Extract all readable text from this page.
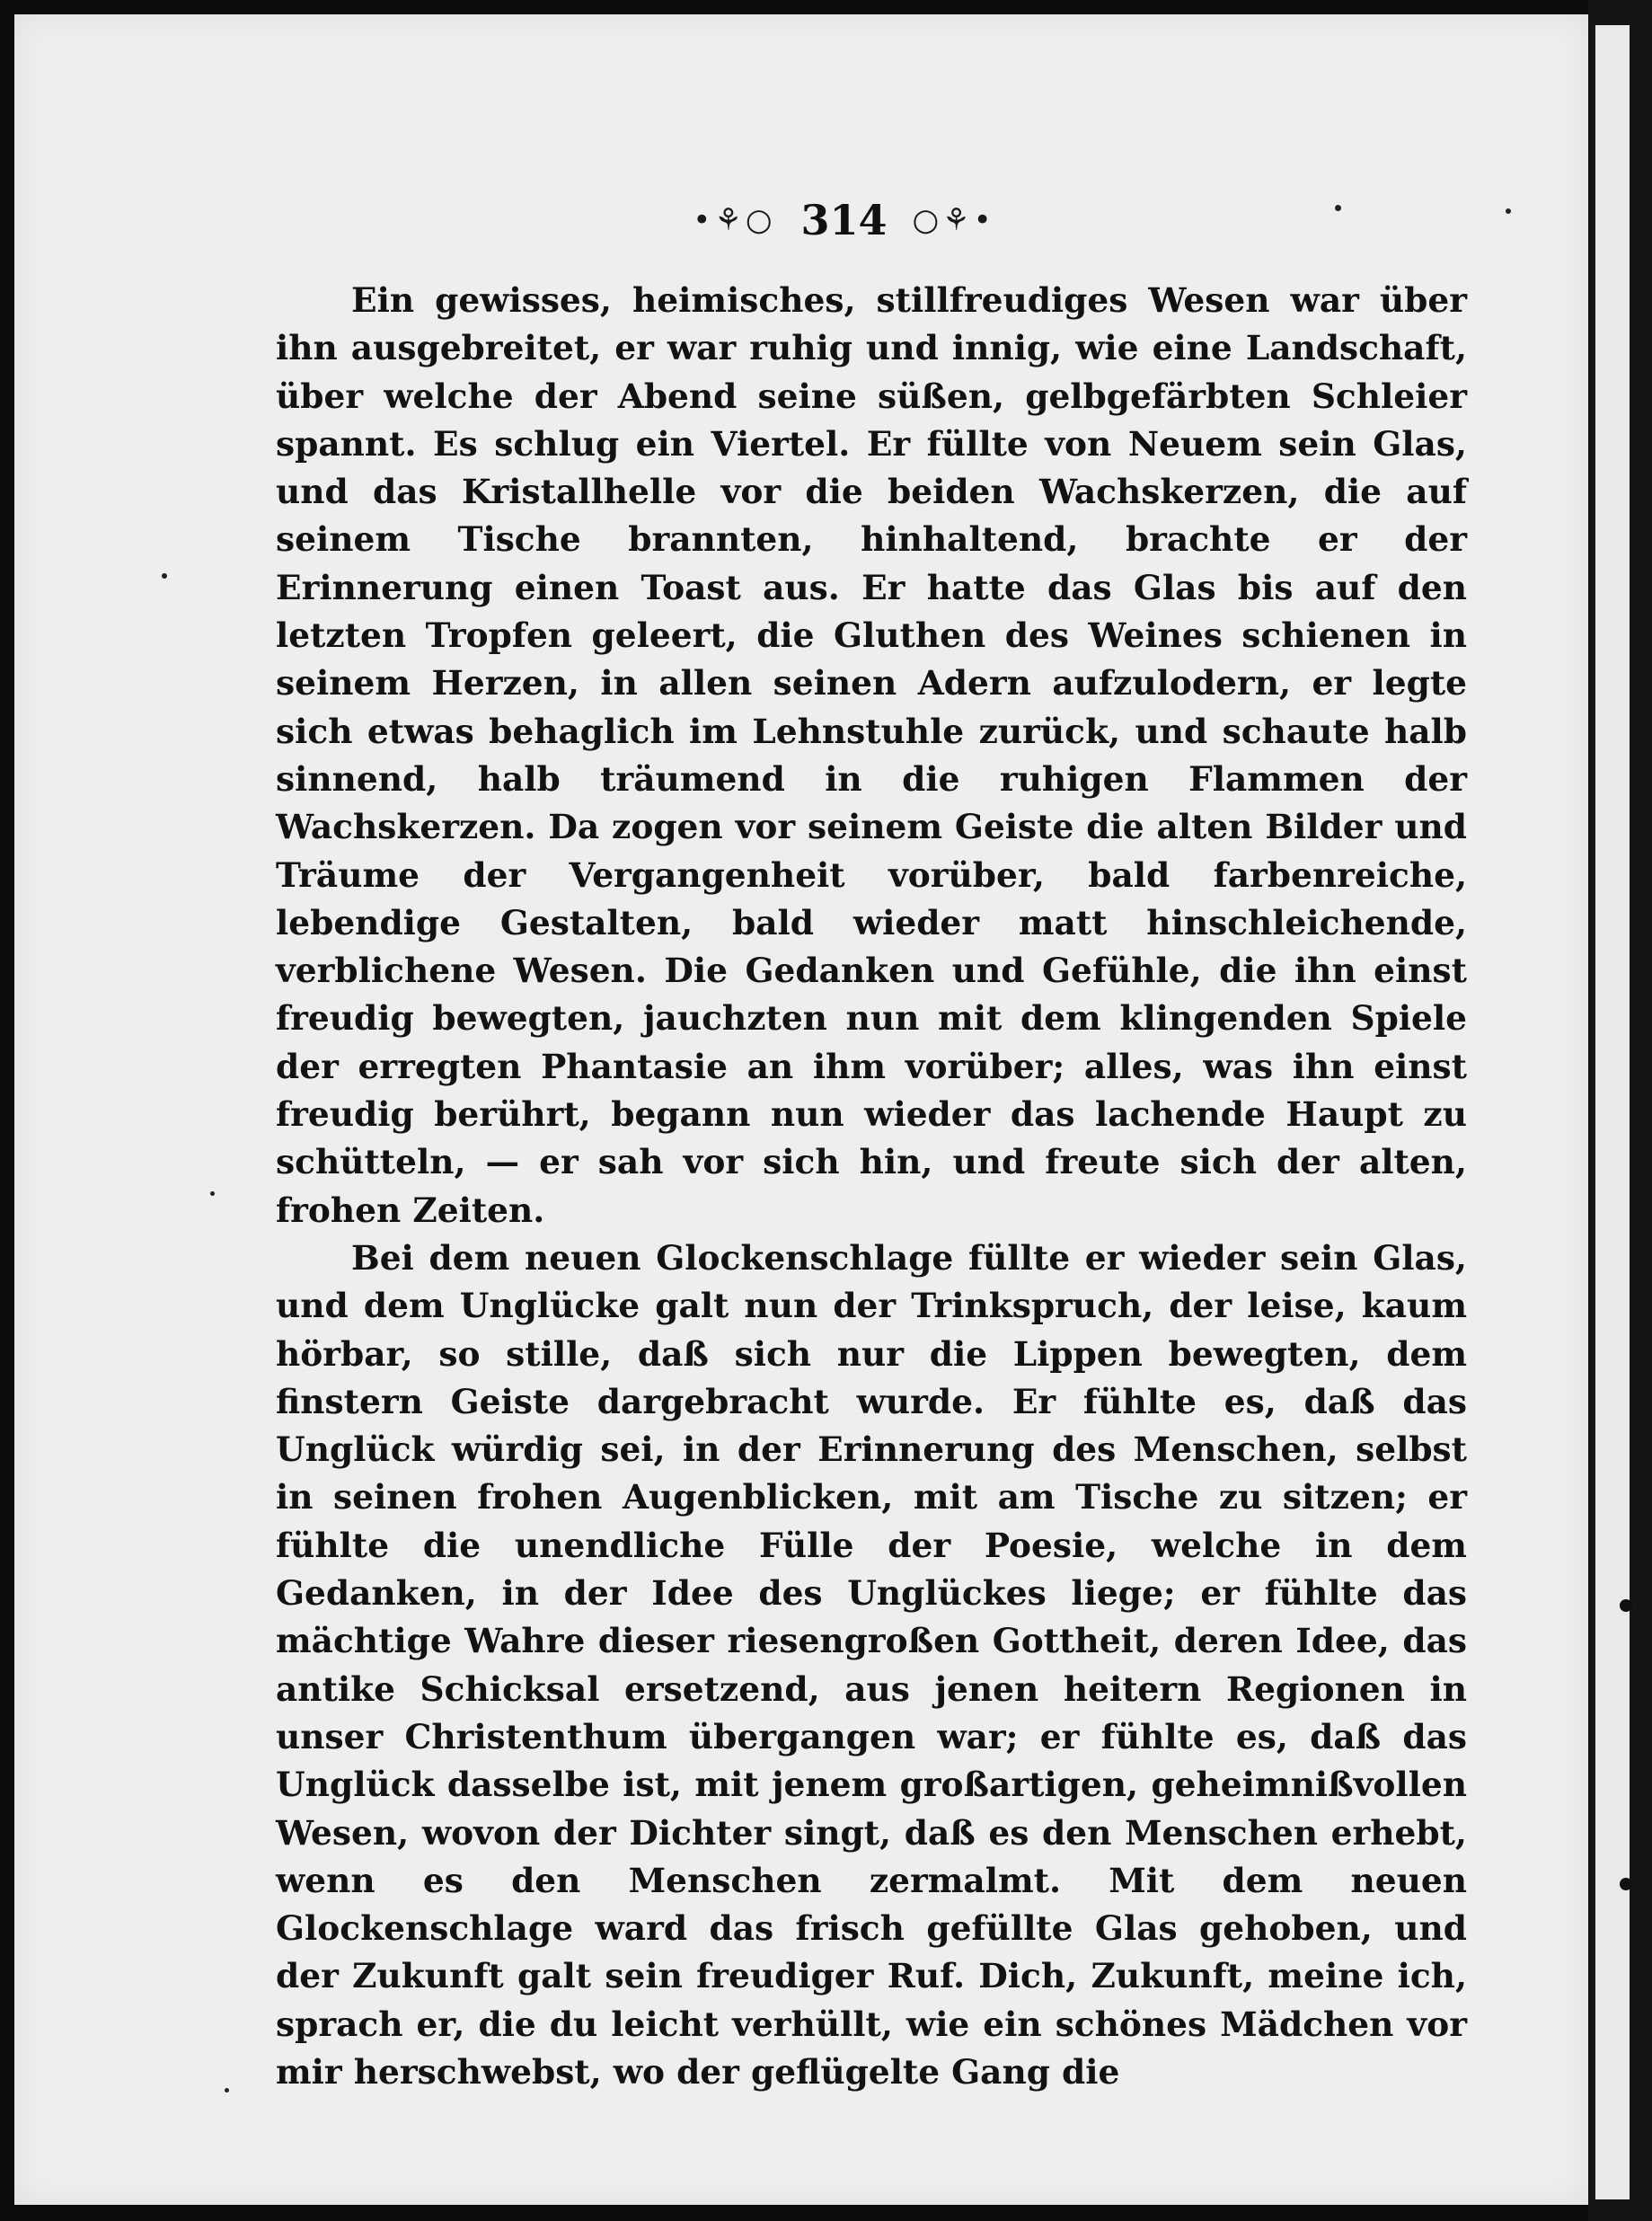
•⚘○ 314 ○⚘•

Ein gewisses, heimisches, stillfreudiges Wesen war über ihn ausgebreitet, er war ruhig und innig, wie eine Landschaft, über welche der Abend seine süßen, gelbgefärbten Schleier spannt. Es schlug ein Viertel. Er füllte von Neuem sein Glas, und das Kristallhelle vor die beiden Wachskerzen, die auf seinem Tische brannten, hinhaltend, brachte er der Erinnerung einen Toast aus. Er hatte das Glas bis auf den letzten Tropfen geleert, die Gluthen des Weines schienen in seinem Herzen, in allen seinen Adern aufzulodern, er legte sich etwas behaglich im Lehnstuhle zurück, und schaute halb sinnend, halb träumend in die ruhigen Flammen der Wachskerzen. Da zogen vor seinem Geiste die alten Bilder und Träume der Vergangenheit vorüber, bald farbenreiche, lebendige Gestalten, bald wieder matt hinschleichende, verblichene Wesen. Die Gedanken und Gefühle, die ihn einst freudig bewegten, jauchzten nun mit dem klingenden Spiele der erregten Phantasie an ihm vorüber; alles, was ihn einst freudig berührt, begann nun wieder das lachende Haupt zu schütteln, — er sah vor sich hin, und freute sich der alten, frohen Zeiten.

Bei dem neuen Glockenschlage füllte er wieder sein Glas, und dem Unglücke galt nun der Trinkspruch, der leise, kaum hörbar, so stille, daß sich nur die Lippen bewegten, dem finstern Geiste dargebracht wurde. Er fühlte es, daß das Unglück würdig sei, in der Erinnerung des Menschen, selbst in seinen frohen Augenblicken, mit am Tische zu sitzen; er fühlte die unendliche Fülle der Poesie, welche in dem Gedanken, in der Idee des Unglückes liege; er fühlte das mächtige Wahre dieser riesengroßen Gottheit, deren Idee, das antike Schicksal ersetzend, aus jenen heitern Regionen in unser Christenthum übergangen war; er fühlte es, daß das Unglück dasselbe ist, mit jenem großartigen, geheimnißvollen Wesen, wovon der Dichter singt, daß es den Menschen erhebt, wenn es den Menschen zermalmt. Mit dem neuen Glockenschlage ward das frisch gefüllte Glas gehoben, und der Zukunft galt sein freudiger Ruf. Dich, Zukunft, meine ich, sprach er, die du leicht verhüllt, wie ein schönes Mädchen vor mir herschwebst, wo der geflügelte Gang die
